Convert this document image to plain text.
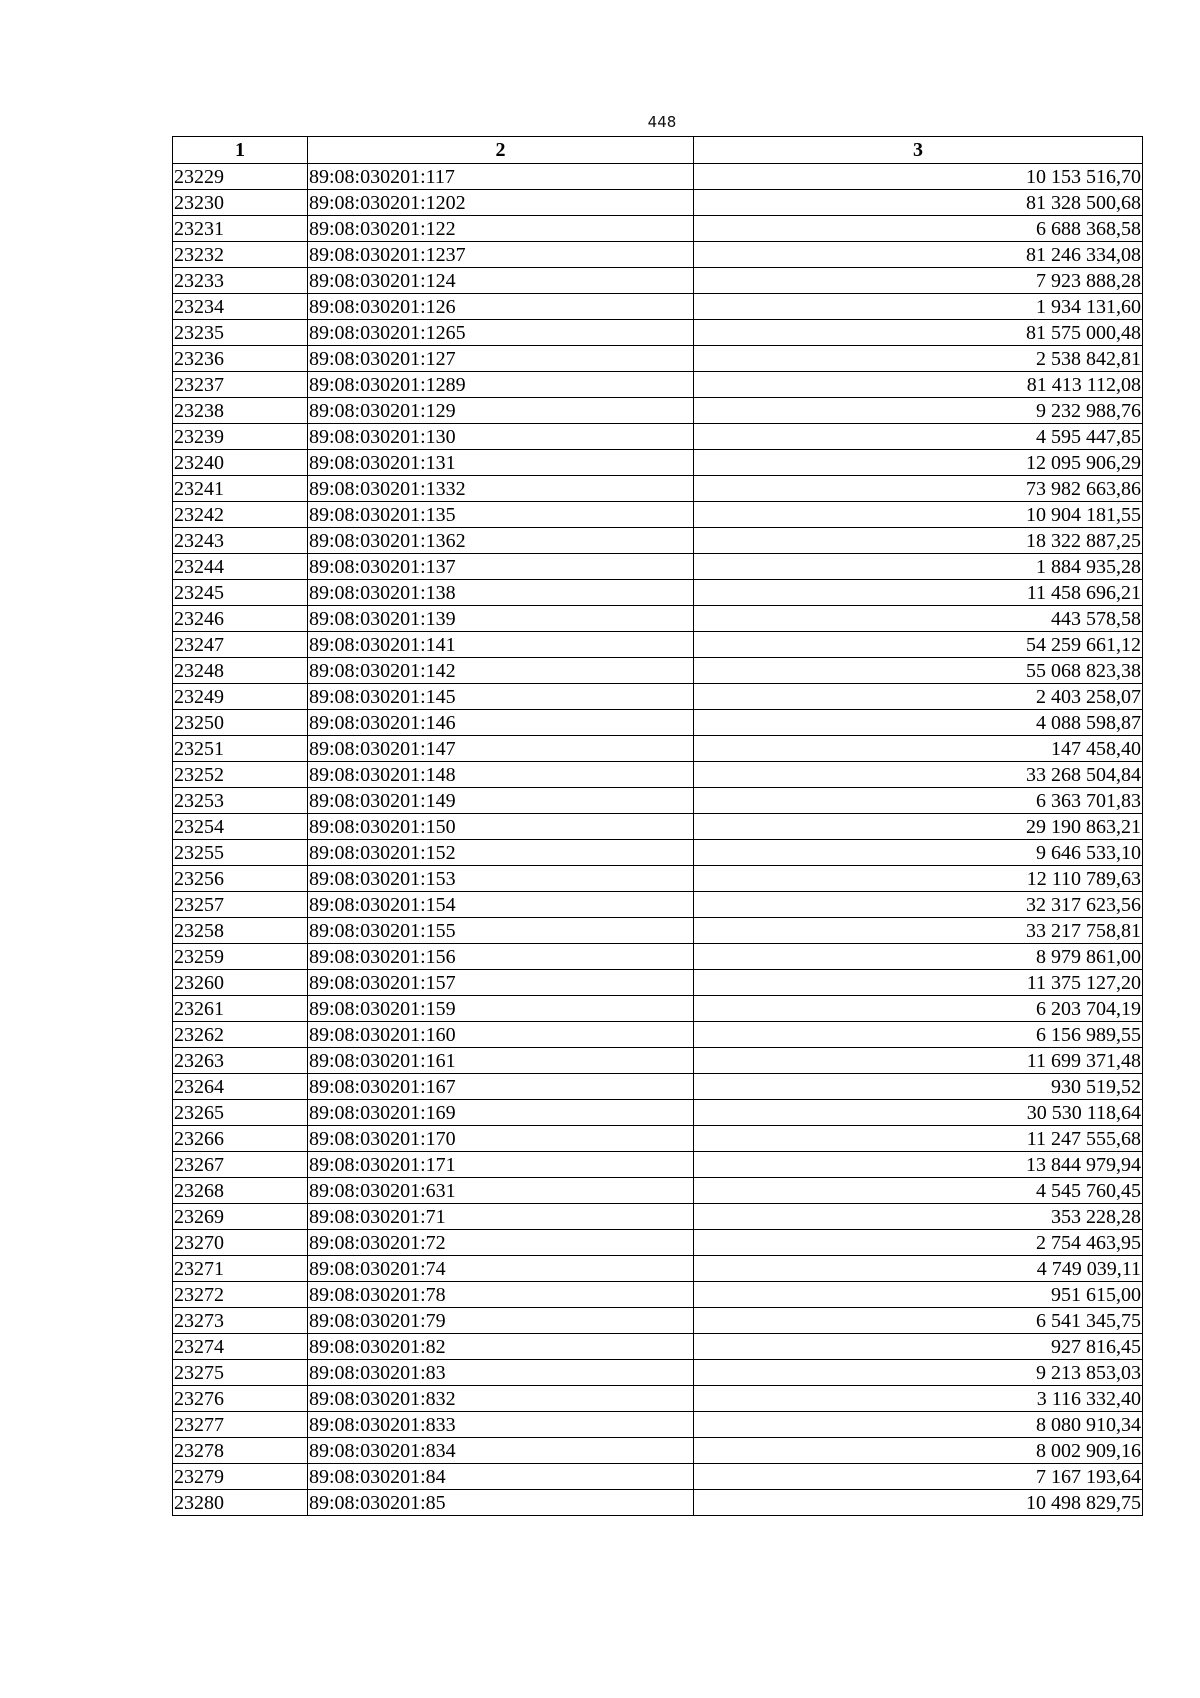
448
1	2	3
23229	89:08:030201:117	10 153 516,70
23230	89:08:030201:1202	81 328 500,68
23231	89:08:030201:122	6 688 368,58
23232	89:08:030201:1237	81 246 334,08
23233	89:08:030201:124	7 923 888,28
23234	89:08:030201:126	1 934 131,60
23235	89:08:030201:1265	81 575 000,48
23236	89:08:030201:127	2 538 842,81
23237	89:08:030201:1289	81 413 112,08
23238	89:08:030201:129	9 232 988,76
23239	89:08:030201:130	4 595 447,85
23240	89:08:030201:131	12 095 906,29
23241	89:08:030201:1332	73 982 663,86
23242	89:08:030201:135	10 904 181,55
23243	89:08:030201:1362	18 322 887,25
23244	89:08:030201:137	1 884 935,28
23245	89:08:030201:138	11 458 696,21
23246	89:08:030201:139	443 578,58
23247	89:08:030201:141	54 259 661,12
23248	89:08:030201:142	55 068 823,38
23249	89:08:030201:145	2 403 258,07
23250	89:08:030201:146	4 088 598,87
23251	89:08:030201:147	147 458,40
23252	89:08:030201:148	33 268 504,84
23253	89:08:030201:149	6 363 701,83
23254	89:08:030201:150	29 190 863,21
23255	89:08:030201:152	9 646 533,10
23256	89:08:030201:153	12 110 789,63
23257	89:08:030201:154	32 317 623,56
23258	89:08:030201:155	33 217 758,81
23259	89:08:030201:156	8 979 861,00
23260	89:08:030201:157	11 375 127,20
23261	89:08:030201:159	6 203 704,19
23262	89:08:030201:160	6 156 989,55
23263	89:08:030201:161	11 699 371,48
23264	89:08:030201:167	930 519,52
23265	89:08:030201:169	30 530 118,64
23266	89:08:030201:170	11 247 555,68
23267	89:08:030201:171	13 844 979,94
23268	89:08:030201:631	4 545 760,45
23269	89:08:030201:71	353 228,28
23270	89:08:030201:72	2 754 463,95
23271	89:08:030201:74	4 749 039,11
23272	89:08:030201:78	951 615,00
23273	89:08:030201:79	6 541 345,75
23274	89:08:030201:82	927 816,45
23275	89:08:030201:83	9 213 853,03
23276	89:08:030201:832	3 116 332,40
23277	89:08:030201:833	8 080 910,34
23278	89:08:030201:834	8 002 909,16
23279	89:08:030201:84	7 167 193,64
23280	89:08:030201:85	10 498 829,75
